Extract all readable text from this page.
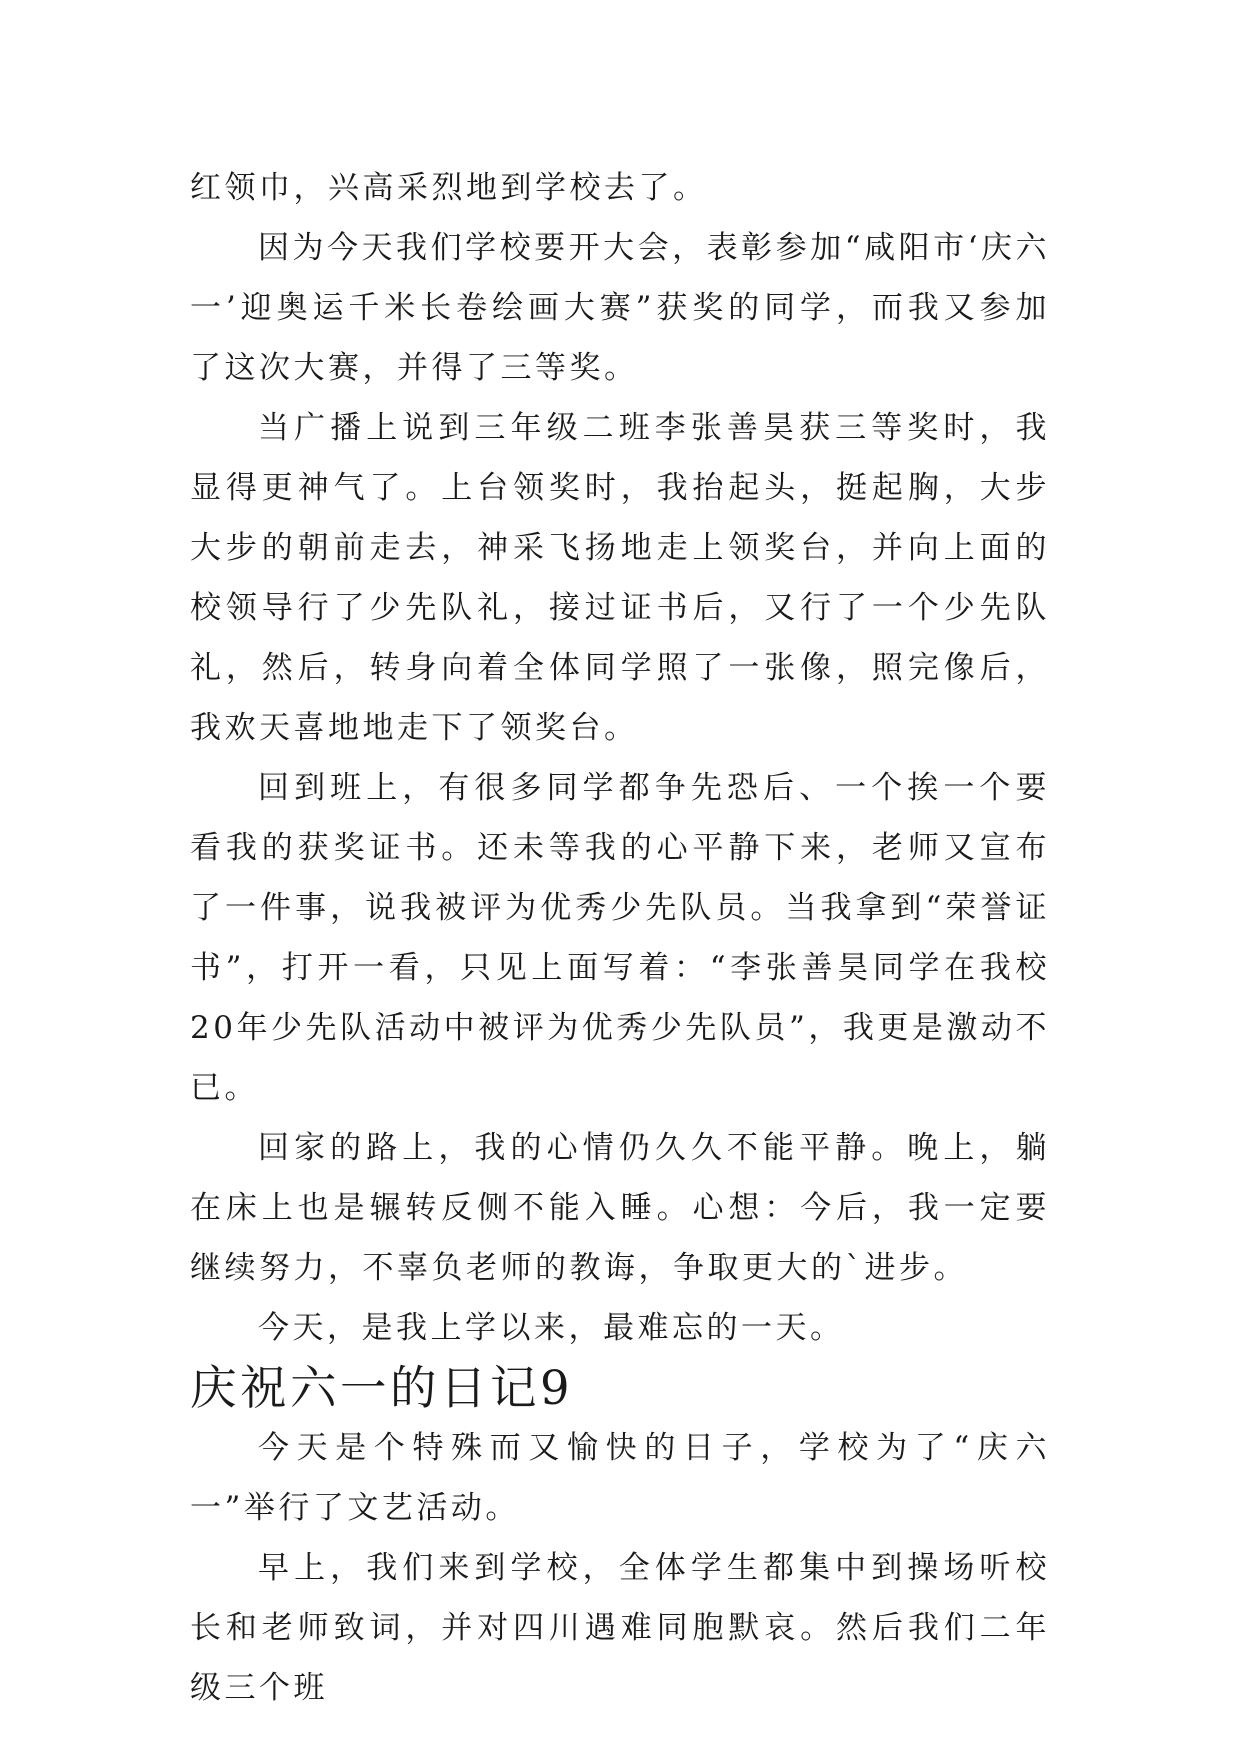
红领巾，兴高采烈地到学校去了。

因为今天我们学校要开大会，表彰参加“咸阳市‘庆六一’迎奥运千米长卷绘画大赛”获奖的同学，而我又参加了这次大赛，并得了三等奖。

当广播上说到三年级二班李张善昊获三等奖时，我显得更神气了。上台领奖时，我抬起头，挺起胸，大步大步的朝前走去，神采飞扬地走上领奖台，并向上面的校领导行了少先队礼，接过证书后，又行了一个少先队礼，然后，转身向着全体同学照了一张像，照完像后，我欢天喜地地走下了领奖台。

回到班上，有很多同学都争先恐后、一个挨一个要看我的获奖证书。还未等我的心平静下来，老师又宣布了一件事，说我被评为优秀少先队员。当我拿到“荣誉证书”，打开一看，只见上面写着：“李张善昊同学在我校20年少先队活动中被评为优秀少先队员”，我更是激动不已。

回家的路上，我的心情仍久久不能平静。晚上，躺在床上也是辗转反侧不能入睡。心想：今后，我一定要继续努力，不辜负老师的教诲，争取更大的`进步。

今天，是我上学以来，最难忘的一天。

庆祝六一的日记9

今天是个特殊而又愉快的日子，学校为了“庆六一”举行了文艺活动。

早上，我们来到学校，全体学生都集中到操场听校长和老师致词，并对四川遇难同胞默哀。然后我们二年级三个班
